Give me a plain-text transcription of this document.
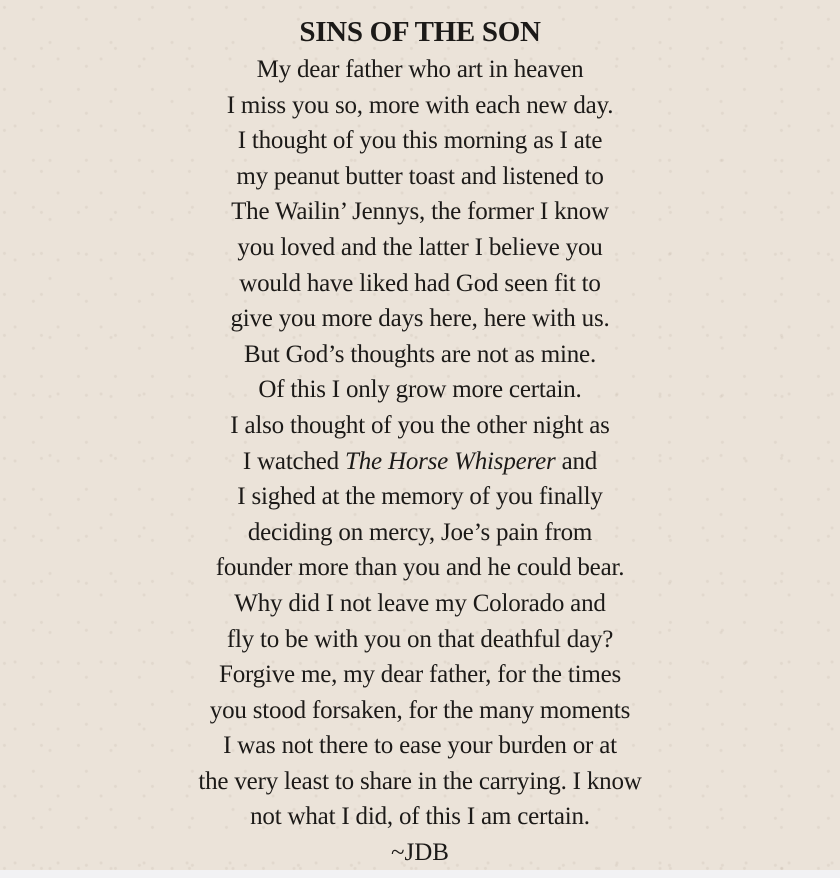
SINS OF THE SON
My dear father who art in heaven
I miss you so, more with each new day.
I thought of you this morning as I ate
my peanut butter toast and listened to
The Wailin’ Jennys, the former I know
you loved and the latter I believe you
would have liked had God seen fit to
give you more days here, here with us.
But God’s thoughts are not as mine.
Of this I only grow more certain.
I also thought of you the other night as
I watched The Horse Whisperer and
I sighed at the memory of you finally
deciding on mercy, Joe’s pain from
founder more than you and he could bear.
Why did I not leave my Colorado and
fly to be with you on that deathful day?
Forgive me, my dear father, for the times
you stood forsaken, for the many moments
I was not there to ease your burden or at
the very least to share in the carrying. I know
not what I did, of this I am certain.
~JDB
